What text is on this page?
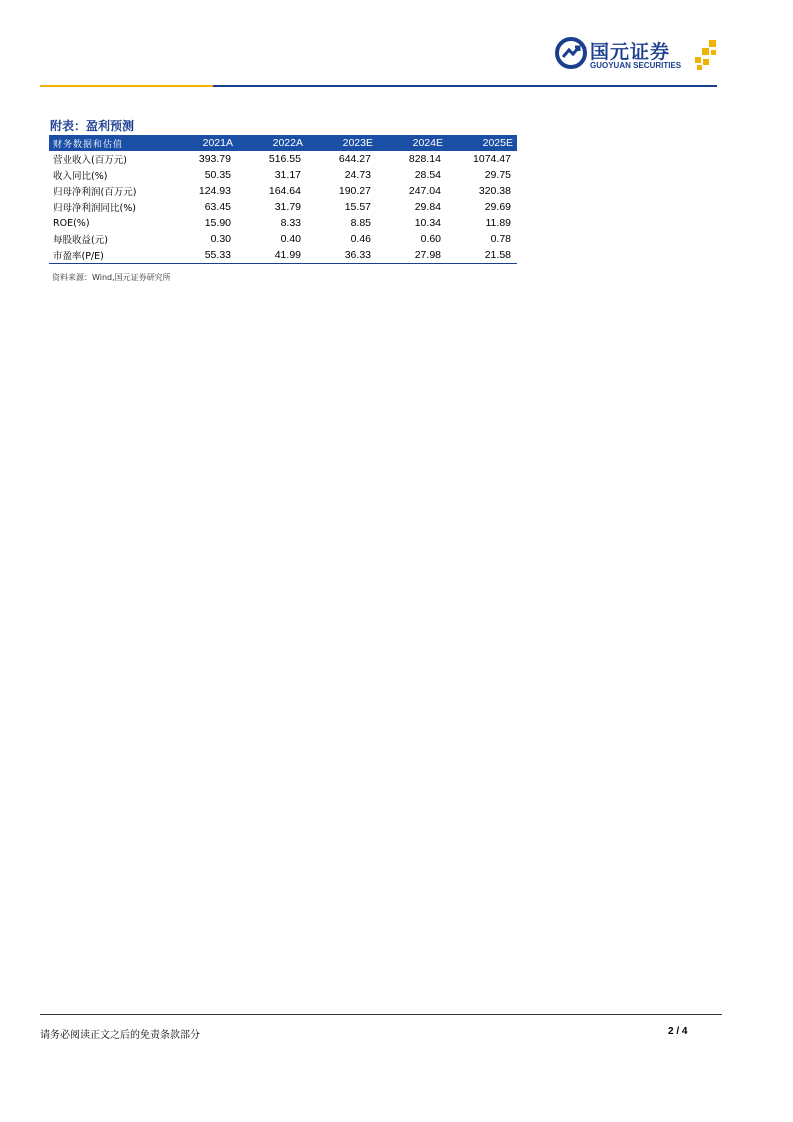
国元证券
GUOYUAN SECURITIES
附表：盈利预测
财务数据和估值	2021A	2022A	2023E	2024E	2025E
营业收入(百万元)	393.79	516.55	644.27	828.14	1074.47
收入同比(%)	50.35	31.17	24.73	28.54	29.75
归母净利润(百万元)	124.93	164.64	190.27	247.04	320.38
归母净利润同比(%)	63.45	31.79	15.57	29.84	29.69
ROE(%)	15.90	8.33	8.85	10.34	11.89
每股收益(元)	0.30	0.40	0.46	0.60	0.78
市盈率(P/E)	55.33	41.99	36.33	27.98	21.58
资料来源：Wind,国元证券研究所
请务必阅读正文之后的免责条款部分	2 / 4
